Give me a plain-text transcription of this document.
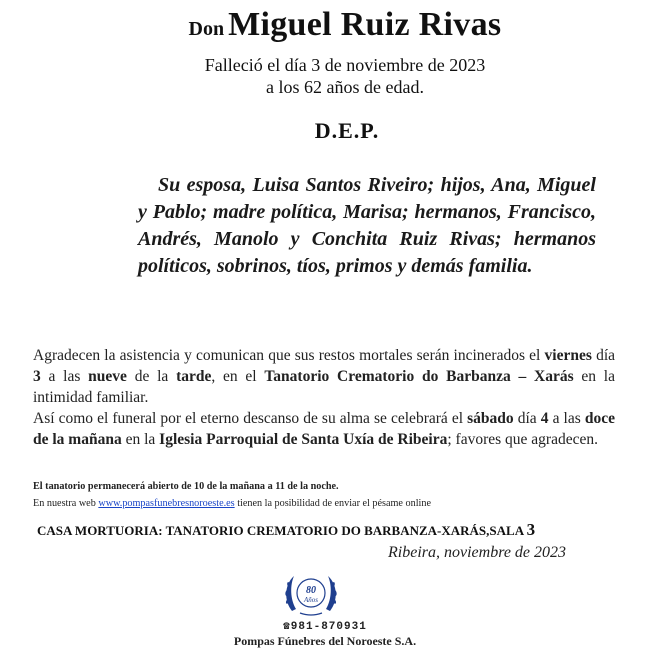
Don Miguel Ruiz Rivas
Falleció el día 3 de noviembre de 2023
a los 62 años de edad.
D.E.P.
Su esposa, Luisa Santos Riveiro; hijos, Ana, Miguel y Pablo; madre política, Marisa; hermanos, Francisco, Andrés, Manolo y Conchita Ruiz Rivas; hermanos políticos, sobrinos, tíos, primos y demás familia.

Agradecen la asistencia y comunican que sus restos mortales serán incinerados el viernes día 3 a las nueve de la tarde, en el Tanatorio Crematorio do Barbanza – Xarás en la intimidad familiar.

Así como el funeral por el eterno descanso de su alma se celebrará el sábado día 4 a las doce de la mañana en la Iglesia Parroquial de Santa Uxía de Ribeira; favores que agradecen.

El tanatorio permanecerá abierto de 10 de la mañana a 11 de la noche.
En nuestra web www.pompasfunebresnoroeste.es tienen la posibilidad de enviar el pésame online
CASA MORTUORIA: TANATORIO CREMATORIO DO BARBANZA-XARÁS,SALA 3
Ribeira, noviembre de 2023
80
Años
☎981-870931
Pompas Fúnebres del Noroeste S.A.
